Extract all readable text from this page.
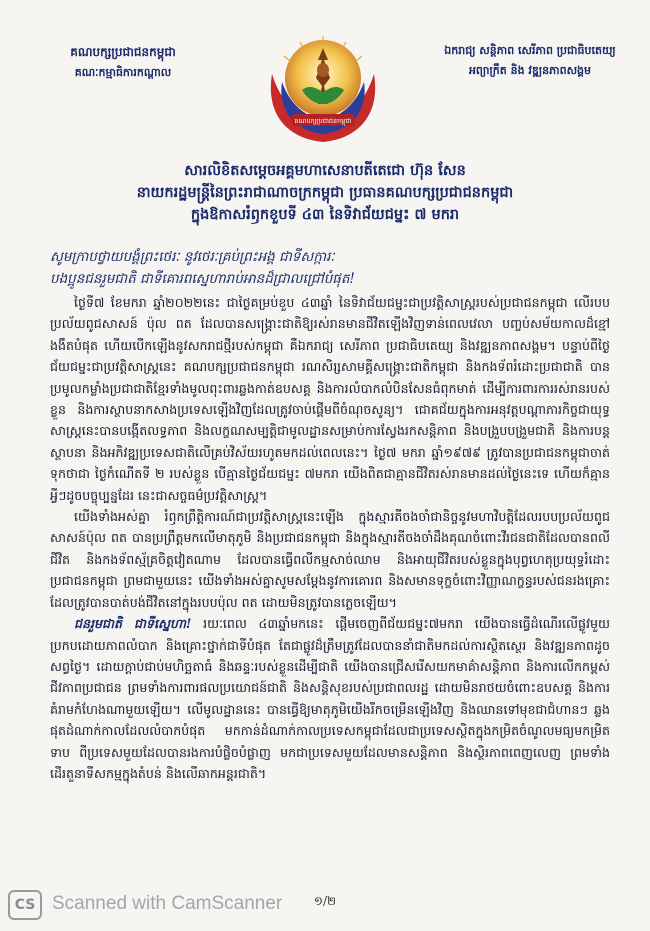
គណបក្សប្រជាជនកម្ពុជា
គណៈកម្មាធិការកណ្ដាល
គណបក្សប្រជាជនកម្ពុជា
ឯករាជ្យ សន្តិភាព សេរីភាព ប្រជាធិបតេយ្យ
អព្យាក្រឹត និង វឌ្ឍនភាពសង្គម
សារលិខិតសម្ដេចអគ្គមហាសេនាបតីតេជោ ហ៊ុន សែន
នាយករដ្ឋមន្ត្រីនៃព្រះរាជាណាចក្រកម្ពុជា ប្រធានគណបក្សប្រជាជនកម្ពុជា
ក្នុងឱកាសរំឭកខួបទី ៤៣ នៃទិវាជ័យជម្នះ ៧ មករា
សូមក្រាបថ្វាយបង្គំព្រះថេរៈ នូវថេរៈគ្រប់ព្រះអង្គ ជាទីសក្ការៈ
បងប្អូនជនរួមជាតិ ជាទីគោរពស្នេហារាប់អានដ៏ជ្រាលជ្រៅបំផុត!

ថ្ងៃទី៧ ខែមករា ឆ្នាំ២០២២នេះ ជាថ្ងៃគម្រប់ខួប ៤៣ឆ្នាំ នៃទិវាជ័យជម្នះជាប្រវត្តិសាស្ត្ររបស់ប្រជាជនកម្ពុជា លើរបបប្រល័យពូជសាសន៍ ប៉ុល ពត ដែលបានសង្គ្រោះជាតិឱ្យរស់រានមានជីវិតឡើងវិញទាន់ពេលវេលា បញ្ចប់សម័យកាលដ៏ខ្មៅងងឹតបំផុត ហើយបើកឡើងនូវសករាជថ្មីរបស់កម្ពុជា គឺឯករាជ្យ សេរីភាព ប្រជាធិបតេយ្យ និងវឌ្ឍនភាពសង្គម។ បន្ទាប់ពីថ្ងៃជ័យជម្នះជាប្រវត្តិសាស្ត្រនេះ គណបក្សប្រជាជនកម្ពុជា រណសិរ្សសាមគ្គីសង្គ្រោះជាតិកម្ពុជា និងកងទ័ពរំដោះប្រជាជាតិ បានប្រមូលកម្លាំងប្រជាជាតិខ្មែរទាំងមូលពុះពារឆ្លងកាត់ឧបសគ្គ និងការលំបាកលំបិនសែនធំពុកមាត់ ដើម្បីការពារការរស់រានរបស់ខ្លួន និងការស្ថាបនាកសាងប្រទេសឡើងវិញដែលត្រូវចាប់ផ្ដើមពីចំណុចសូន្យ។ ជោគជ័យក្នុងការអនុវត្តបណ្ដាភារកិច្ចជាយុទ្ធសាស្ត្រនេះបានបង្កើតលទ្ធភាព និងលក្ខណសម្បត្តិជាមូលដ្ឋានសម្រាប់ការស្វែងរកសន្តិភាព និងបង្រួបបង្រួមជាតិ និងការបន្តស្ថាបនា និងអភិវឌ្ឍប្រទេសជាតិលើគ្រប់វិស័យរហូតមកដល់ពេលនេះ។ ថ្ងៃ៧ មករា ឆ្នាំ១៩៧៩ ត្រូវបានប្រជាជនកម្ពុជាចាត់ទុកថាជា ថ្ងៃកំណើតទី ២ របស់ខ្លួន បើគ្មានថ្ងៃជ័យជម្នះ ៧មករា យើងពិតជាគ្មានជីវិតរស់រានមានដល់ថ្ងៃនេះទេ ហើយក៏គ្មានអ្វីៗដូចបច្ចុប្បន្នដែរ នេះជាសច្ចធម៌ប្រវត្តិសាស្ត្រ។

យើងទាំងអស់គ្នា រំឭកព្រឹត្តិការណ៍ជាប្រវត្តិសាស្ត្រនេះឡើង ក្នុងស្មារតីចងចាំជានិច្ចនូវមហាវិបត្តិដែលរបបប្រល័យពូជសាសន៍ប៉ុល ពត បានប្រព្រឹត្តមកលើមាតុភូមិ និងប្រជាជនកម្ពុជា និងក្នុងស្មារតីចងចាំដឹងគុណចំពោះវីរជនជាតិដែលបានពលីជីវិត និងកងទ័ពស្ម័គ្រចិត្តវៀតណាម ដែលបានធ្វើពលីកម្មសាច់ឈាម និងអាយុជីវិតរបស់ខ្លួនក្នុងបុព្វហេតុប្រយុទ្ធរំដោះប្រជាជនកម្ពុជា ព្រមជាមួយនេះ យើងទាំងអស់គ្នាសូមសម្ដែងនូវការគោរព និងសមានទុក្ខចំពោះវិញ្ញាណក្ខន្ធរបស់ជនរងគ្រោះ ដែលត្រូវបានបាត់បង់ជីវិតនៅក្នុងរបបប៉ុល ពត ដោយមិនត្រូវបានភ្លេចឡើយ។

ជនរួមជាតិ ជាទីស្នេហា! រយៈពេល ៤៣ឆ្នាំមកនេះ ផ្ដើមចេញពីជ័យជម្នះ៧មករា យើងបានធ្វើដំណើរលើផ្លូវមួយប្រកបដោយភាពលំបាក និងគ្រោះថ្នាក់ជាទីបំផុត តែជាផ្លូវដ៏ត្រឹមត្រូវដែលបាននាំជាតិមកដល់ការស្ថិតស្ថេរ និងវឌ្ឍនភាពដូចសព្វថ្ងៃ។ ដោយក្ដាប់ជាប់មហិច្ឆតាធំ និងឆន្ទៈរបស់ខ្លួនដើម្បីជាតិ យើងបានជ្រើសរើសយកមាគ៌ាសន្តិភាព និងការលើកកម្ពស់ជីវភាពប្រជាជន ព្រមទាំងការពារផលប្រយោជន៍ជាតិ និងសន្តិសុខរបស់ប្រជាពលរដ្ឋ ដោយមិនរាថយចំពោះឧបសគ្គ និងការគំរាមកំហែងណាមួយឡើយ។ លើមូលដ្ឋាននេះ បានធ្វើឱ្យមាតុភូមិយើងរីកចម្រើនឡើងវិញ និងឈានទៅមុខជាជំហានៗ ឆ្លងផុតដំណាក់កាលដែលលំបាកបំផុត មកកាន់ដំណាក់កាលប្រទេសកម្ពុជាដែលជាប្រទេសស្ថិតក្នុងកម្រិតចំណូលមធ្យមកម្រិតទាប ពីប្រទេសមួយដែលបានរងការបំផ្លិចបំផ្លាញ មកជាប្រទេសមួយដែលមានសន្តិភាព និងស្ថិរភាពពេញលេញ ព្រមទាំងដើរតួនាទីសកម្មក្នុងតំបន់ និងលើឆាកអន្តរជាតិ។

១/២
CS Scanned with CamScanner
